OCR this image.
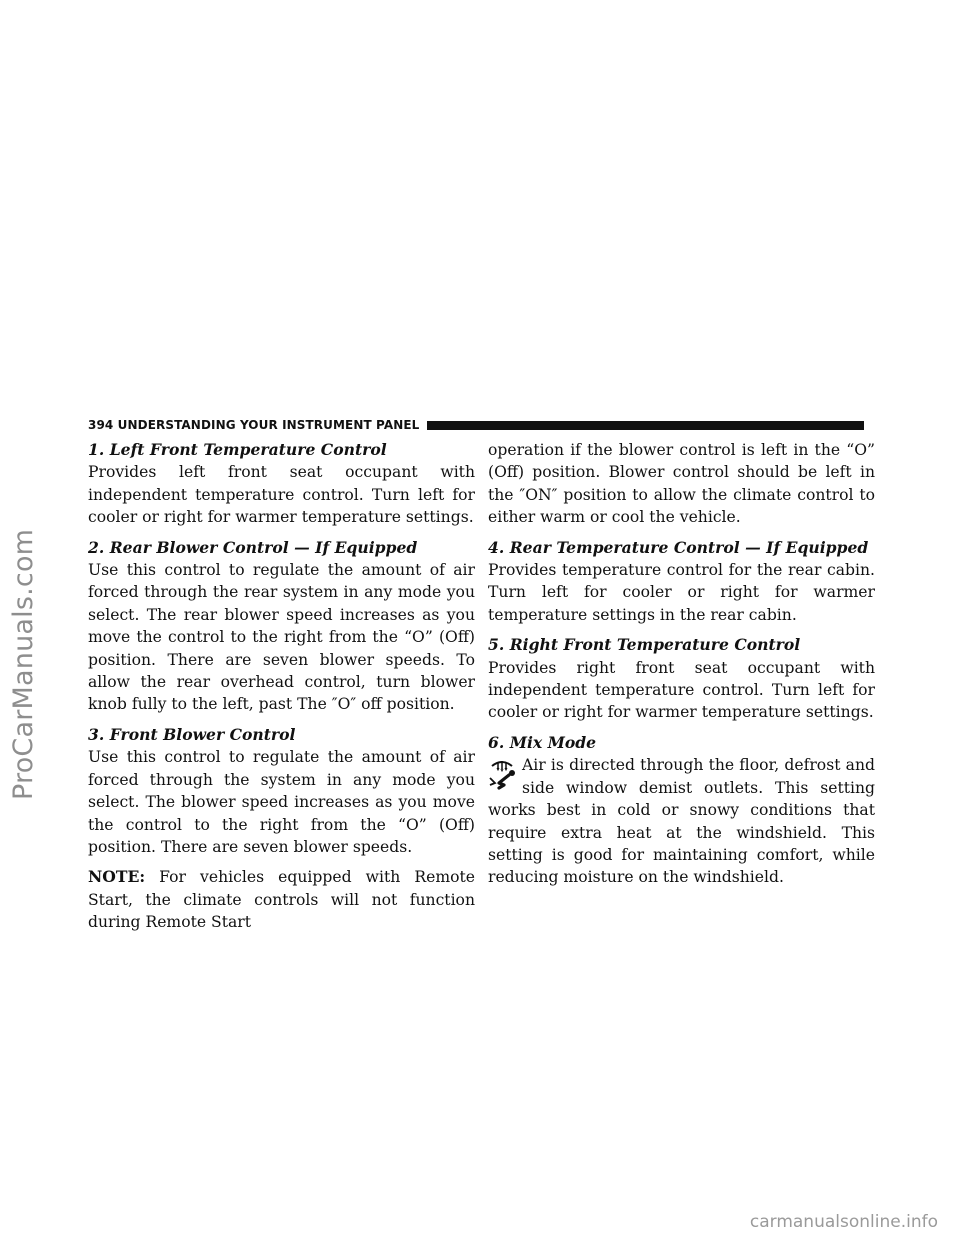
ProCarManuals.com
394 UNDERSTANDING YOUR INSTRUMENT PANEL
1. Left Front Temperature Control

Provides left front seat occupant with independent temperature control. Turn left for cooler or right for warmer temperature settings.

2. Rear Blower Control — If Equipped

Use this control to regulate the amount of air forced through the rear system in any mode you select. The rear blower speed increases as you move the control to the right from the “O” (Off) position. There are seven blower speeds. To allow the rear overhead control, turn blower knob fully to the left, past The ″O″ off position.

3. Front Blower Control

Use this control to regulate the amount of air forced through the system in any mode you select. The blower speed increases as you move the control to the right from the “O” (Off) position. There are seven blower speeds.

NOTE: For vehicles equipped with Remote Start, the climate controls will not function during Remote Start

operation if the blower control is left in the “O” (Off) position. Blower control should be left in the ″ON″ position to allow the climate control to either warm or cool the vehicle.

4. Rear Temperature Control — If Equipped

Provides temperature control for the rear cabin. Turn left for cooler or right for warmer temperature settings in the rear cabin.

5. Right Front Temperature Control

Provides right front seat occupant with independent temperature control. Turn left for cooler or right for warmer temperature settings.

6. Mix Mode

Air is directed through the floor, defrost and side window demist outlets. This setting works best in cold or snowy conditions that require extra heat at the windshield. This setting is good for maintaining comfort, while reducing moisture on the windshield.

carmanualsonline.info
